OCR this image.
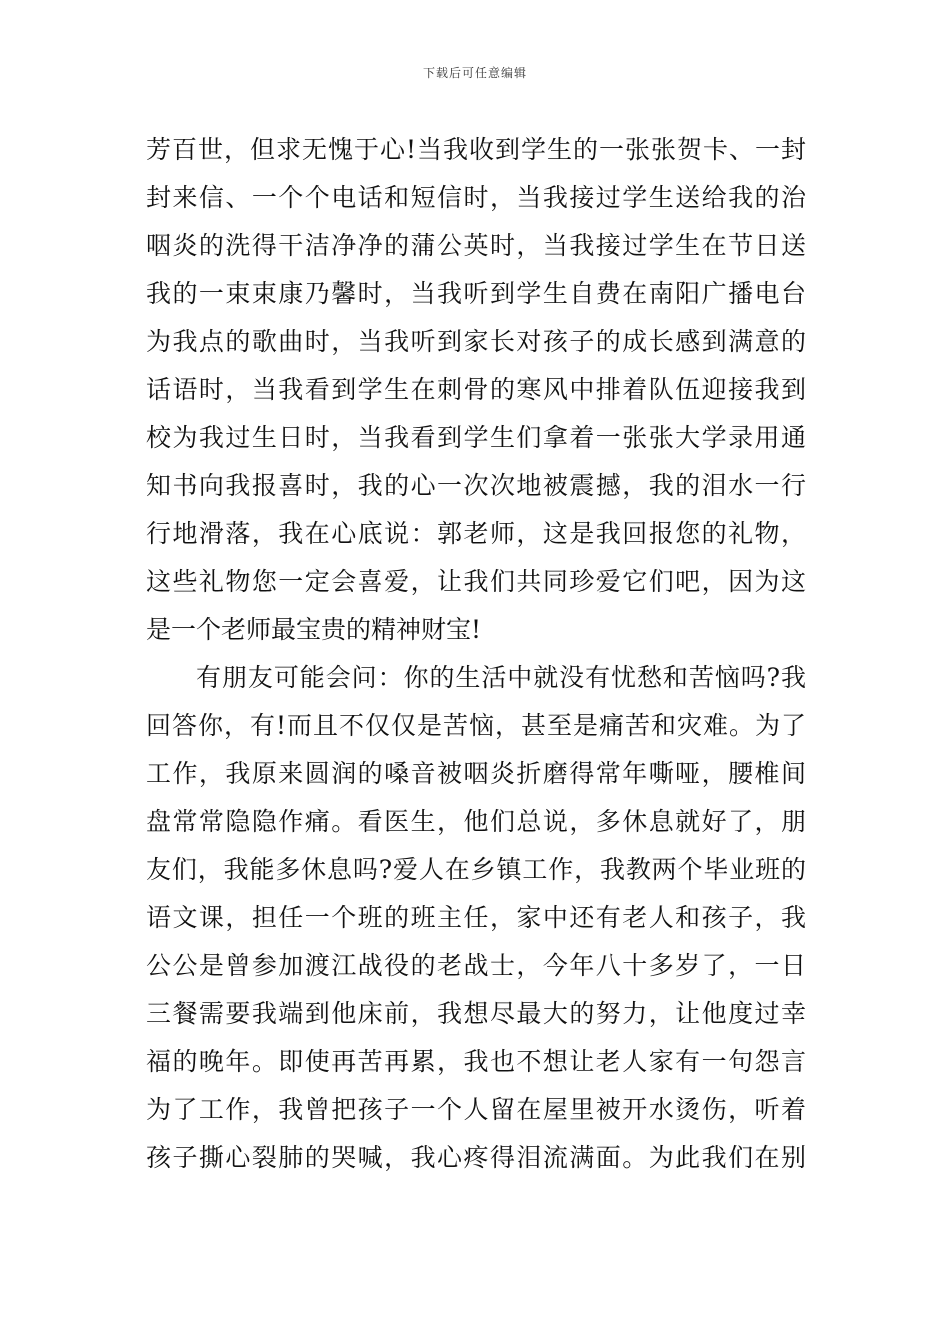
下载后可任意编辑
芳百世，但求无愧于心!当我收到学生的一张张贺卡、一封
封来信、一个个电话和短信时，当我接过学生送给我的治
咽炎的洗得干洁净净的蒲公英时，当我接过学生在节日送
我的一束束康乃馨时，当我听到学生自费在南阳广播电台
为我点的歌曲时，当我听到家长对孩子的成长感到满意的
话语时，当我看到学生在刺骨的寒风中排着队伍迎接我到
校为我过生日时，当我看到学生们拿着一张张大学录用通
知书向我报喜时，我的心一次次地被震撼，我的泪水一行
行地滑落，我在心底说：郭老师，这是我回报您的礼物，
这些礼物您一定会喜爱，让我们共同珍爱它们吧，因为这
是一个老师最宝贵的精神财宝!
有朋友可能会问：你的生活中就没有忧愁和苦恼吗?我
回答你，有!而且不仅仅是苦恼，甚至是痛苦和灾难。为了
工作，我原来圆润的嗓音被咽炎折磨得常年嘶哑，腰椎间
盘常常隐隐作痛。看医生，他们总说，多休息就好了，朋
友们，我能多休息吗?爱人在乡镇工作，我教两个毕业班的
语文课，担任一个班的班主任，家中还有老人和孩子，我
公公是曾参加渡江战役的老战士，今年八十多岁了，一日
三餐需要我端到他床前，我想尽最大的努力，让他度过幸
福的晚年。即使再苦再累，我也不想让老人家有一句怨言
为了工作，我曾把孩子一个人留在屋里被开水烫伤，听着
孩子撕心裂肺的哭喊，我心疼得泪流满面。为此我们在别
